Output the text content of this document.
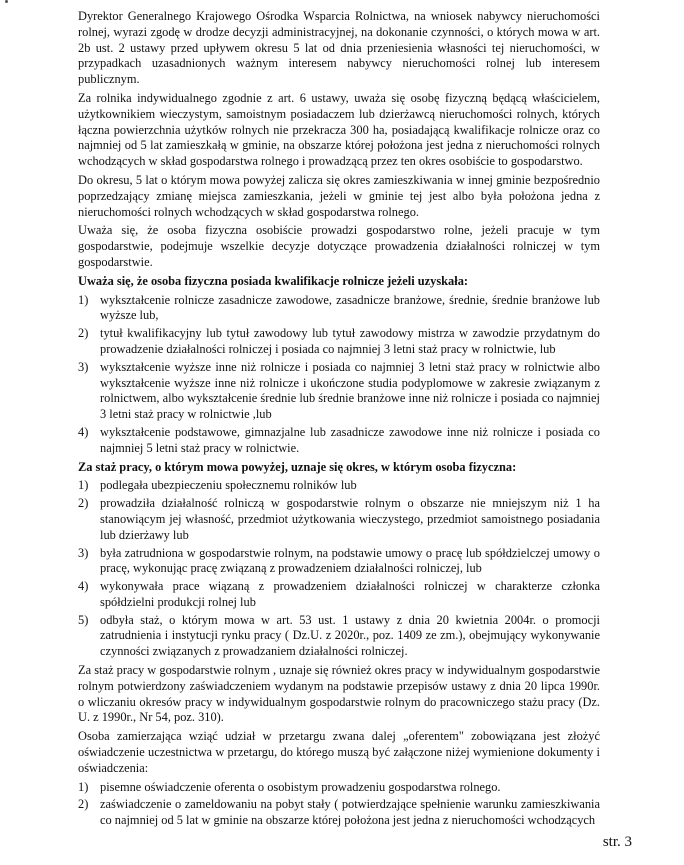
Dyrektor Generalnego Krajowego Ośrodka Wsparcia Rolnictwa, na wniosek nabywcy nieruchomości rolnej, wyrazi zgodę w drodze decyzji administracyjnej, na dokonanie czynności, o których mowa w art. 2b ust. 2 ustawy przed upływem okresu 5 lat od dnia przeniesienia własności tej nieruchomości, w przypadkach uzasadnionych ważnym interesem nabywcy nieruchomości rolnej lub interesem publicznym.

Za rolnika indywidualnego zgodnie z art. 6 ustawy, uważa się osobę fizyczną będącą właścicielem, użytkownikiem wieczystym, samoistnym posiadaczem lub dzierżawcą nieruchomości rolnych, których łączna powierzchnia użytków rolnych nie przekracza 300 ha, posiadającą kwalifikacje rolnicze oraz co najmniej od 5 lat zamieszkałą w gminie, na obszarze której położona jest jedna z nieruchomości rolnych wchodzących w skład gospodarstwa rolnego i prowadzącą przez ten okres osobiście to gospodarstwo.

Do okresu, 5 lat o którym mowa powyżej zalicza się okres zamieszkiwania w innej gminie bezpośrednio poprzedzający zmianę miejsca zamieszkania, jeżeli w gminie tej jest albo była położona jedna z nieruchomości rolnych wchodzących w skład gospodarstwa rolnego.

Uważa się, że osoba fizyczna osobiście prowadzi gospodarstwo rolne, jeżeli pracuje w tym gospodarstwie, podejmuje wszelkie decyzje dotyczące prowadzenia działalności rolniczej w tym gospodarstwie.

Uważa się, że osoba fizyczna posiada kwalifikacje rolnicze jeżeli uzyskała:

1) wykształcenie rolnicze zasadnicze zawodowe, zasadnicze branżowe, średnie, średnie branżowe lub wyższe lub,
2) tytuł kwalifikacyjny lub tytuł zawodowy lub tytuł zawodowy mistrza w zawodzie przydatnym do prowadzenie działalności rolniczej i posiada co najmniej 3 letni staż pracy w rolnictwie, lub
3) wykształcenie wyższe inne niż rolnicze i posiada co najmniej 3 letni staż pracy w rolnictwie albo wykształcenie wyższe inne niż rolnicze i ukończone studia podyplomowe w zakresie związanym z rolnictwem, albo wykształcenie średnie lub średnie branżowe inne niż rolnicze i posiada co najmniej 3 letni staż pracy w rolnictwie ,lub
4) wykształcenie podstawowe, gimnazjalne lub zasadnicze zawodowe inne niż rolnicze i posiada co najmniej 5 letni staż pracy w rolnictwie.

Za staż pracy, o którym mowa powyżej, uznaje się okres, w którym osoba fizyczna:

1) podlegała ubezpieczeniu społecznemu rolników lub
2) prowadziła działalność rolniczą w gospodarstwie rolnym o obszarze nie mniejszym niż 1 ha stanowiącym jej własność, przedmiot użytkowania wieczystego, przedmiot samoistnego posiadania lub dzierżawy lub
3) była zatrudniona w gospodarstwie rolnym, na podstawie umowy o pracę lub spółdzielczej umowy o pracę, wykonując pracę związaną z prowadzeniem działalności rolniczej, lub
4) wykonywała prace wiązaną z prowadzeniem działalności rolniczej w charakterze członka spółdzielni produkcji rolnej lub
5) odbyła staż, o którym mowa w art. 53 ust. 1 ustawy z dnia 20 kwietnia 2004r. o promocji zatrudnienia i instytucji rynku pracy ( Dz.U. z 2020r., poz. 1409 ze zm.), obejmujący wykonywanie czynności związanych z prowadzaniem działalności rolniczej.

Za staż pracy w gospodarstwie rolnym , uznaje się również okres pracy w indywidualnym gospodarstwie rolnym potwierdzony zaświadczeniem wydanym na podstawie przepisów ustawy z dnia 20 lipca 1990r. o wliczaniu okresów pracy w indywidualnym gospodarstwie rolnym do pracowniczego stażu pracy (Dz. U. z 1990r., Nr 54, poz. 310).

Osoba zamierzająca wziąć udział w przetargu zwana dalej „oferentem" zobowiązana jest złożyć oświadczenie uczestnictwa w przetargu, do którego muszą być załączone niżej wymienione dokumenty i oświadczenia:

1) pisemne oświadczenie oferenta o osobistym prowadzeniu gospodarstwa rolnego.
2) zaświadczenie o zameldowaniu na pobyt stały ( potwierdzające spełnienie warunku zamieszkiwania co najmniej od 5 lat w gminie na obszarze której położona jest jedna z nieruchomości wchodzących
str. 3
